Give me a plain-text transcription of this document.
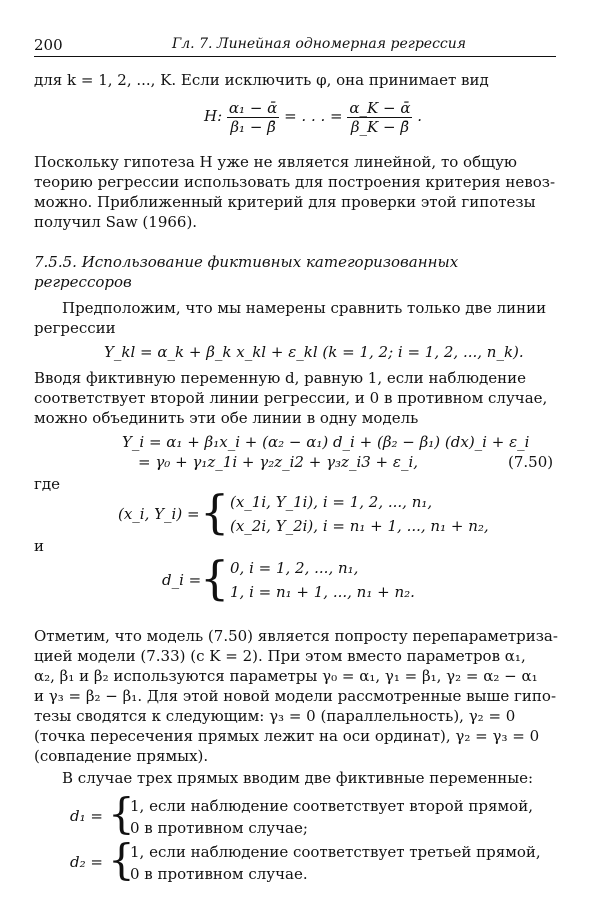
200	Гл. 7. Линейная одномерная регрессия
для k = 1, 2, ..., K. Если исключить φ, она принимает вид
H: $\frac{\text{α₁ − ᾱ}}{\text{β₁ − β̄}}$ = . . . = $\frac{\text{α\_K − ᾱ}}{\beta\_K - \betā}$ .
Поскольку гипотеза H уже не является линейной, то общую
теорию регрессии использовать для построения критерия невоз-
можно. Приближенный критерий для проверки этой гипотезы
получил Saw (1966).
7.5.5. Использование фиктивных категоризованных
регрессоров
Предположим, что мы намерены сравнить только две линии
регрессии
Y_kl = α_k + β_k x_kl + ε_kl (k = 1, 2; i = 1, 2, ..., n_k).
Вводя фиктивную переменную d, равную 1, если наблюдение
соответствует второй линии регрессии, и 0 в противном случае,
можно объединить эти обе линии в одну модель
Y_i = α₁ + β₁x_i + (α₂ − α₁) d_i + (β₂ − β₁) (dx)_i + ε_i
= γ₀ + γ₁z_1i + γ₂z_i2 + γ₃z_i3 + ε_i,	(7.50)
где
(x_i, Y_i) = { (x_1i, Y_1i), i = 1, 2, ..., n₁,
(x_2i, Y_2i), i = n₁ + 1, ..., n₁ + n₂,
и
d_i =
{ 0, i = 1, 2, ..., n₁,
1, i = n₁ + 1, ..., n₁ + n₂.
Отметим, что модель (7.50) является попросту перепараметриза-
цией модели (7.33) (с K = 2). При этом вместо параметров α₁,
α₂, β₁ и β₂ используются параметры γ₀ = α₁, γ₁ = β₁, γ₂ = α₂ − α₁
и γ₃ = β₂ − β₁. Для этой новой модели рассмотренные выше гипо-
тезы сводятся к следующим: γ₃ = 0 (параллельность), γ₂ = 0
(точка пересечения прямых лежит на оси ординат), γ₂ = γ₃ = 0
(совпадение прямых).
В случае трех прямых вводим две фиктивные переменные:
d₁ = {
1, если наблюдение соответствует второй прямой,
0 в противном случае;
d₂ = {
1, если наблюдение соответствует третьей прямой,
0 в противном случае.
